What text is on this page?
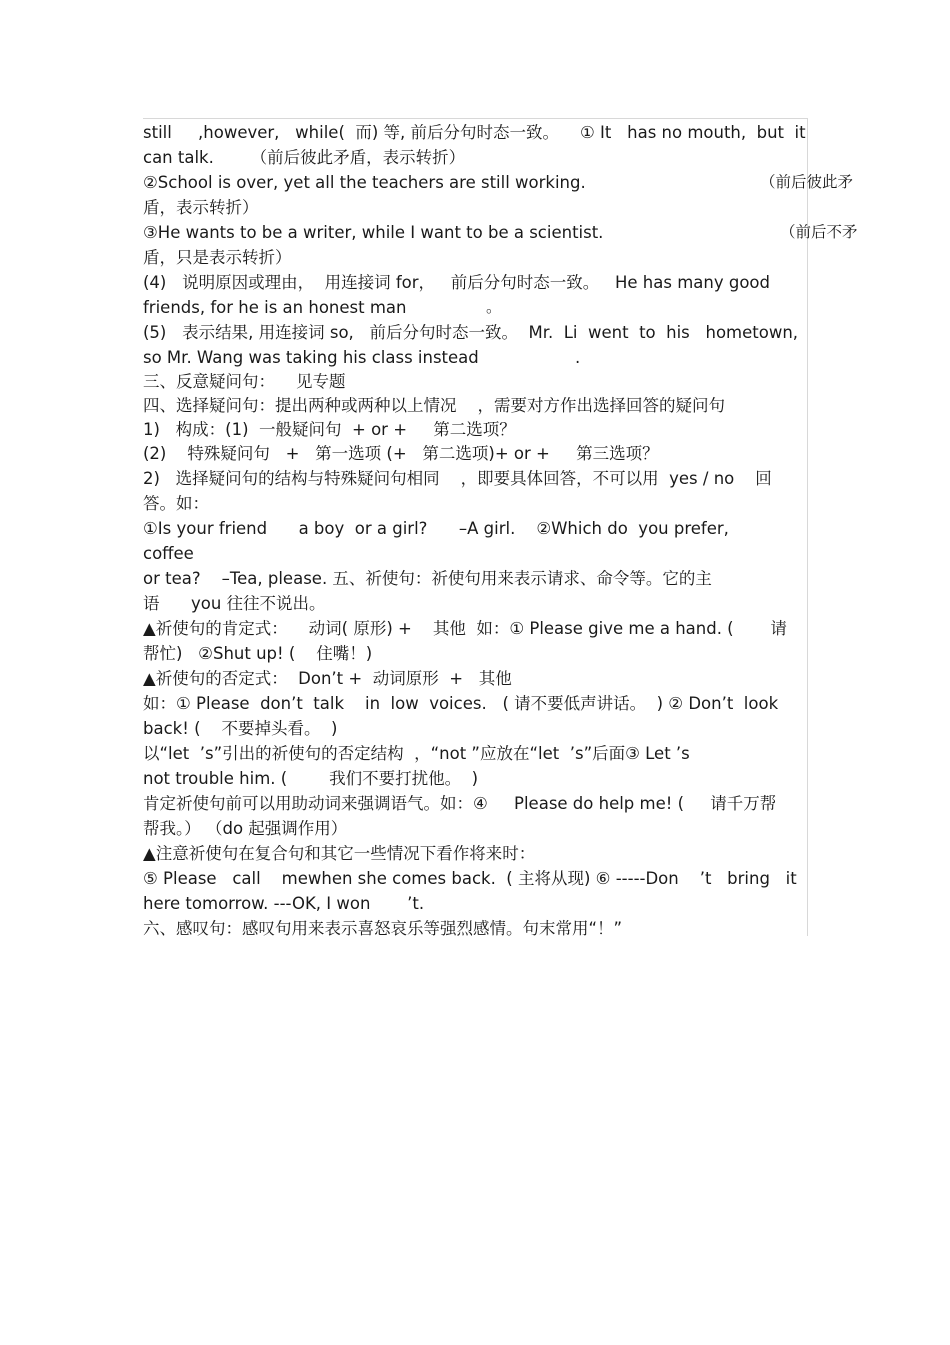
still     ,however,   while(  而) 等, 前后分句时态一致。    ① It   has no mouth,  but  it
can talk.       （前后彼此矛盾，表示转折）
②School is over, yet all the teachers are still working.	（前后彼此矛
盾，表示转折）
③He wants to be a writer, while I want to be a scientist.	（前后不矛
盾，只是表示转折）
(4)   说明原因或理由，  用连接词 for，   前后分句时态一致。   He has many good
friends, for he is an honest man	。
(5)   表示结果, 用连接词 so,   前后分句时态一致。  Mr.  Li  went  to  his   hometown,
so Mr. Wang was taking his class instead	.
三、反意疑问句：    见专题
四、选择疑问句：提出两种或两种以上情况    ，需要对方作出选择回答的疑问句
1)   构成：(1)  一般疑问句  + or +     第二选项？
(2)    特殊疑问句   +   第一选项 (+   第二选项)+ or +     第三选项？
2)   选择疑问句的结构与特殊疑问句相同    ，即要具体回答，不可以用  yes / no    回
答。如：
①Is your friend      a boy  or a girl?      –A girl.    ②Which do  you prefer,
coffee
or tea?    –Tea, please. 五、祈使句：祈使句用来表示请求、命令等。它的主
语      you 往往不说出。
▲祈使句的肯定式：    动词( 原形) +    其他  如：① Please give me a hand. (       请
帮忙)   ②Shut up! (    住嘴！)
▲祈使句的否定式：  Don’t +  动词原形  +   其他
如：① Please  don’t  talk    in  low  voices.   ( 请不要低声讲话。  ) ② Don’t  look
back! (    不要掉头看。  )
以“let  ’s”引出的祈使句的否定结构  ，“not ”应放在“let  ’s”后面③ Let ’s
not trouble him. (        我们不要打扰他。  )
肯定祈使句前可以用助动词来强调语气。如：④     Please do help me! (     请千万帮
帮我。） （do 起强调作用）
▲注意祈使句在复合句和其它一些情况下看作将来时：
⑤ Please   call    mewhen she comes back.  ( 主将从现) ⑥ -----Don    ’t   bring   it
here tomorrow. ---OK, I won       ’t.
六、感叹句：感叹句用来表示喜怒哀乐等强烈感情。句末常用“！”
